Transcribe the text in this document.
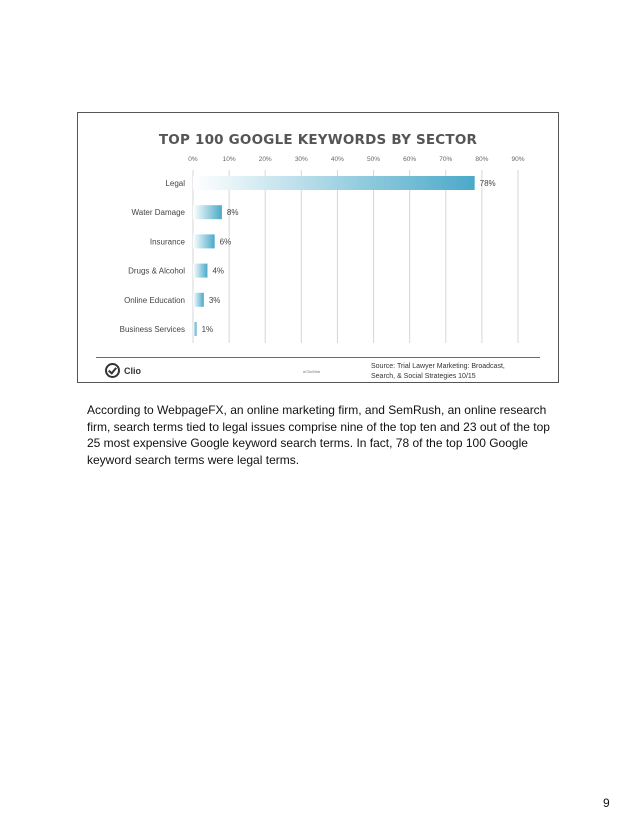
TOP 100 GOOGLE KEYWORDS BY SECTOR
0%	10%	20%	30%	40%	50%	60%	70%	80%	90%
Legal	78%
Water Damage	8%
Insurance	6%
Drugs & Alcohol	4%
Online Education	3%
Business Services 1%
Clio	#ClioWeb
Source: Trial Lawyer Marketing: Broadcast, Search, & Social Strategies 10/15
According to WebpageFX, an online marketing firm, and SemRush, an online research firm, search terms tied to legal issues comprise nine of the top ten and 23 out of the top 25 most expensive Google keyword search terms. In fact, 78 of the top 100 Google keyword search terms were legal terms.
9
